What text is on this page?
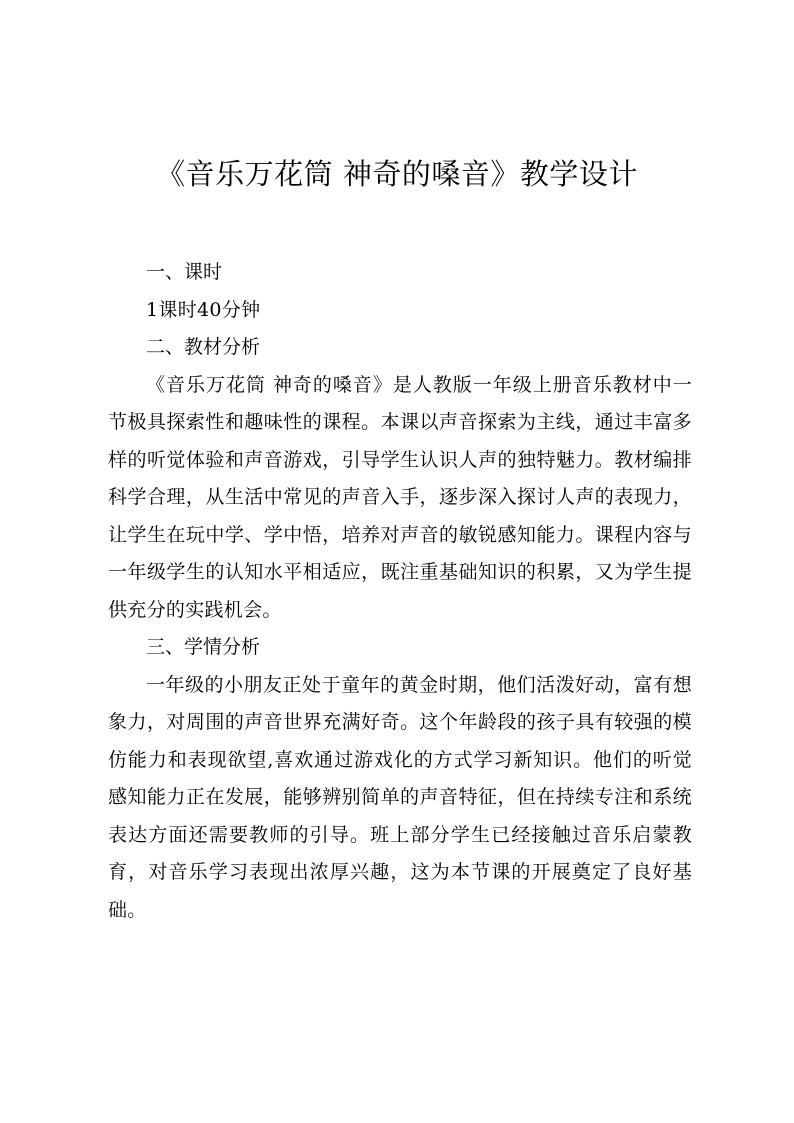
《音乐万花筒 神奇的嗓音》教学设计
一、课时

1课时40分钟

二、教材分析

《音乐万花筒 神奇的嗓音》是人教版一年级上册音乐教材中一节极具探索性和趣味性的课程。本课以声音探索为主线，通过丰富多样的听觉体验和声音游戏，引导学生认识人声的独特魅力。教材编排科学合理，从生活中常见的声音入手，逐步深入探讨人声的表现力，让学生在玩中学、学中悟，培养对声音的敏锐感知能力。课程内容与一年级学生的认知水平相适应，既注重基础知识的积累，又为学生提供充分的实践机会。

三、学情分析

一年级的小朋友正处于童年的黄金时期，他们活泼好动，富有想象力，对周围的声音世界充满好奇。这个年龄段的孩子具有较强的模仿能力和表现欲望,喜欢通过游戏化的方式学习新知识。他们的听觉感知能力正在发展，能够辨别简单的声音特征，但在持续专注和系统表达方面还需要教师的引导。班上部分学生已经接触过音乐启蒙教育，对音乐学习表现出浓厚兴趣，这为本节课的开展奠定了良好基础。
